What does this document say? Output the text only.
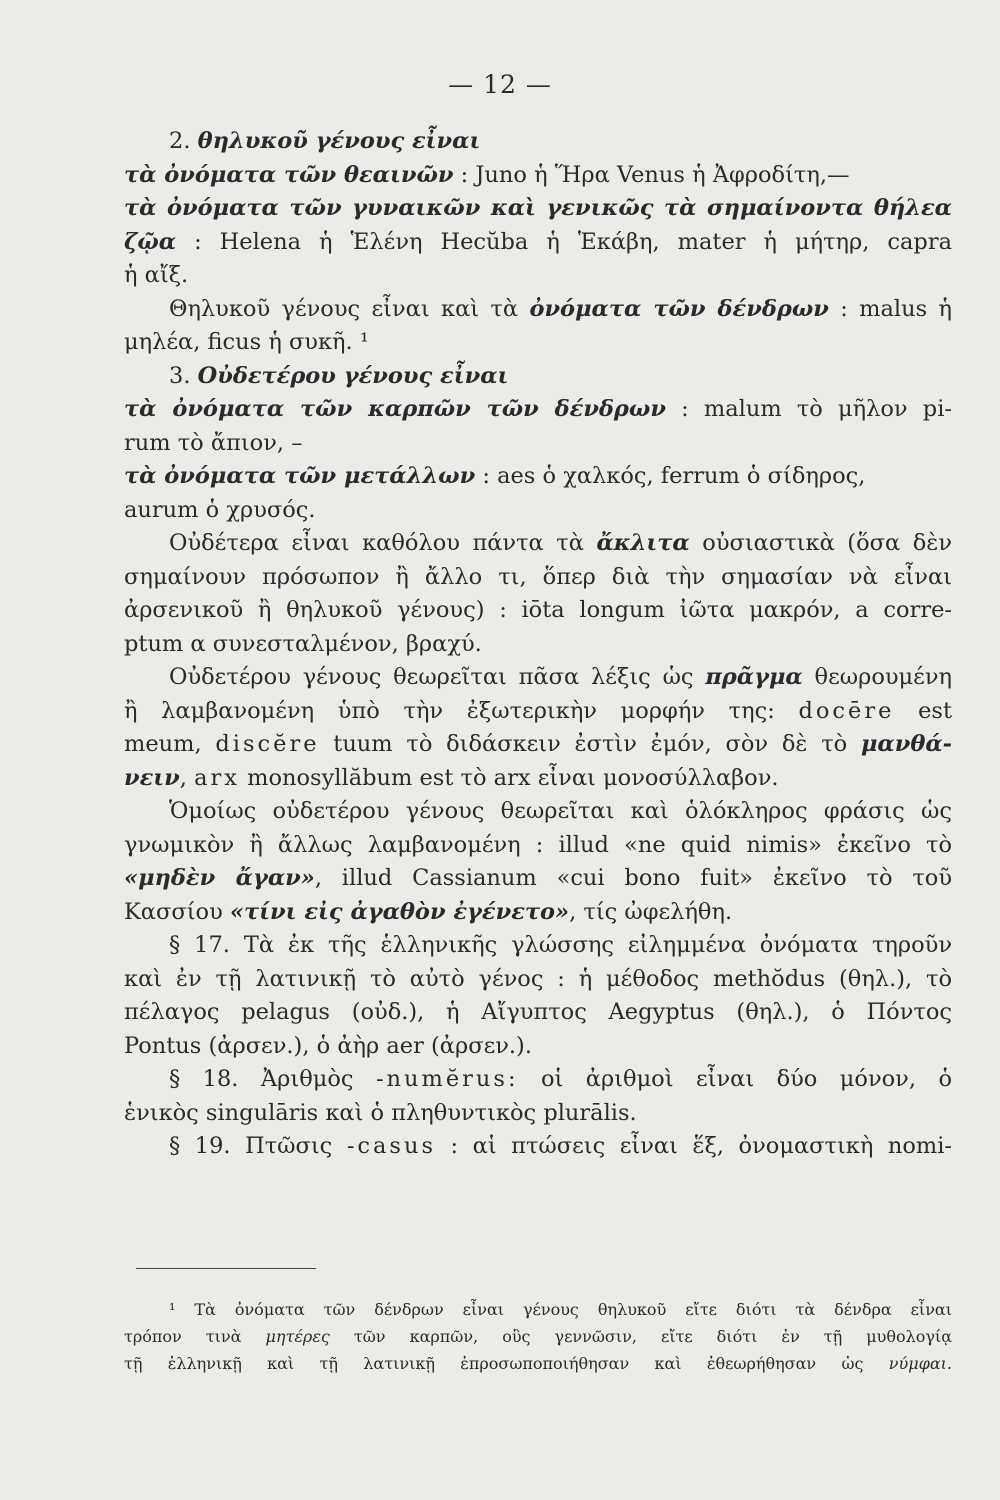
— 12 —
2. θηλυκοῦ γένους εἶναι
τὰ ὀνόματα τῶν θεαινῶν : Juno ἡ Ἥρα Venus ἡ Ἀφροδίτη,—
τὰ ὀνόματα τῶν γυναικῶν καὶ γενικῶς τὰ σημαίνοντα θήλεα
ζῷα : Helena ἡ Ἑλένη Hecŭba ἡ Ἑκάβη, mater ἡ μήτηρ, capra
ἡ αἴξ.
Θηλυκοῦ γένους εἶναι καὶ τὰ ὀνόματα τῶν δένδρων : malus ἡ
μηλέα, ficus ἡ συκῆ. ¹
3. Οὐδετέρου γένους εἶναι
τὰ ὀνόματα τῶν καρπῶν τῶν δένδρων : malum τὸ μῆλον pi-
rum τὸ ἄπιον, –
τὰ ὀνόματα τῶν μετάλλων : aes ὁ χαλκός, ferrum ὁ σίδηρος,
aurum ὁ χρυσός.
Οὐδέτερα εἶναι καθόλου πάντα τὰ ἄκλιτα οὐσιαστικὰ (ὅσα δὲν
σημαίνουν πρόσωπον ἢ ἄλλο τι, ὅπερ διὰ τὴν σημασίαν νὰ εἶναι
ἀρσενικοῦ ἢ θηλυκοῦ γένους) : iōta longum ἰῶτα μακρόν, a corre-
ptum α συνεσταλμένον, βραχύ.
Οὐδετέρου γένους θεωρεῖται πᾶσα λέξις ὡς πρᾶγμα θεωρουμένη
ἢ λαμβανομένη ὑπὸ τὴν ἐξωτερικὴν μορφήν της: docēre est
meum, discĕre tuum τὸ διδάσκειν ἐστὶν ἐμόν, σὸν δὲ τὸ μανθά-
νειν, arx monosyllăbum est τὸ arx εἶναι μονοσύλλαβον.
Ὁμοίως οὐδετέρου γένους θεωρεῖται καὶ ὁλόκληρος φράσις ὡς
γνωμικὸν ἢ ἄλλως λαμβανομένη : illud «ne quid nimis» ἐκεῖνο τὸ
«μηδὲν ἄγαν», illud Cassianum «cui bono fuit» ἐκεῖνο τὸ τοῦ
Κασσίου «τίνι εἰς ἀγαθὸν ἐγένετο», τίς ὠφελήθη.
§ 17. Τὰ ἐκ τῆς ἑλληνικῆς γλώσσης εἰλημμένα ὀνόματα τηροῦν
καὶ ἐν τῇ λατινικῇ τὸ αὐτὸ γένος : ἡ μέθοδος methŏdus (θηλ.), τὸ
πέλαγος pelagus (οὐδ.), ἡ Αἴγυπτος Aegyptus (θηλ.), ὁ Πόντος
Pontus (ἀρσεν.), ὁ ἀὴρ aer (ἀρσεν.).
§ 18. Ἀριθμὸς -numĕrus: οἱ ἀριθμοὶ εἶναι δύο μόνον, ὁ
ἑνικὸς singulāris καὶ ὁ πληθυντικὸς plurālis.
§ 19. Πτῶσις -casus : αἱ πτώσεις εἶναι ἕξ, ὀνομαστικὴ nomi-
¹ Τὰ ὀνόματα τῶν δένδρων εἶναι γένους θηλυκοῦ εἴτε διότι τὰ δένδρα εἶναι
τρόπον τινὰ μητέρες τῶν καρπῶν, οὓς γεννῶσιν, εἴτε διότι ἐν τῇ μυθολογίᾳ
τῇ ἑλληνικῇ καὶ τῇ λατινικῇ ἐπροσωποποιήθησαν καὶ ἐθεωρήθησαν ὡς νύμφαι.
